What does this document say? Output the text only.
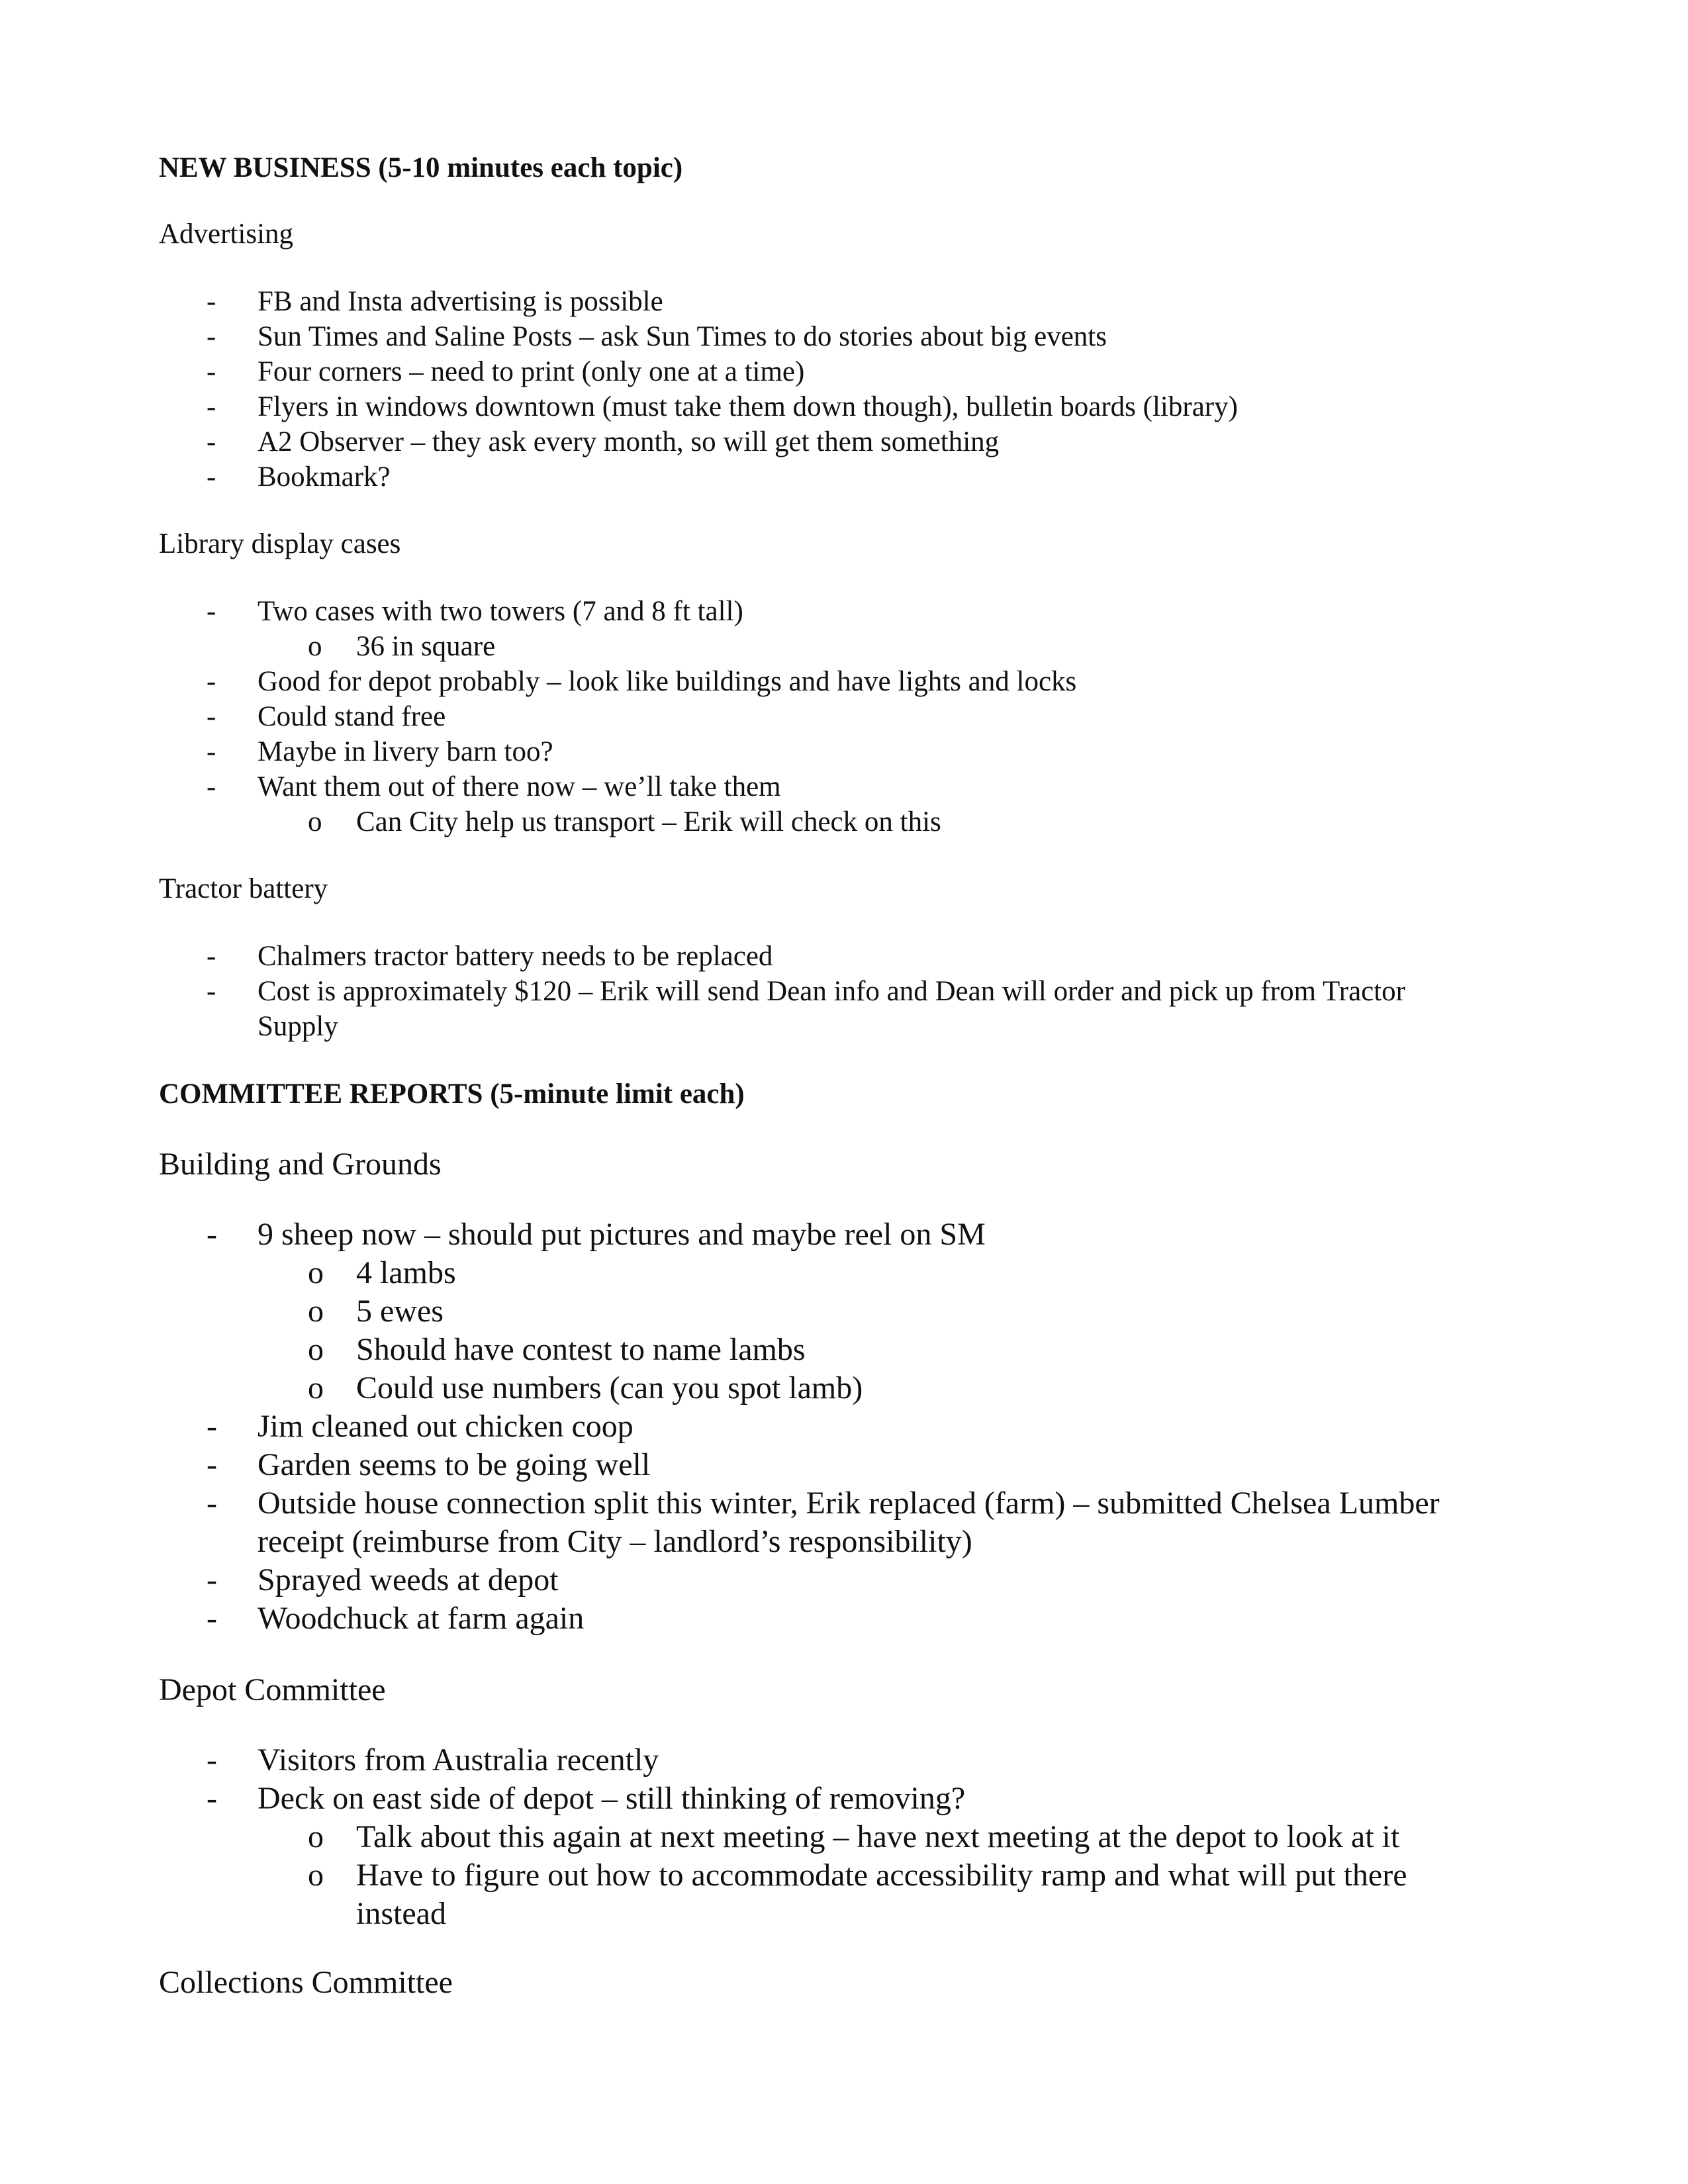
NEW BUSINESS (5-10 minutes each topic)
Advertising
- FB and Insta advertising is possible
- Sun Times and Saline Posts – ask Sun Times to do stories about big events
- Four corners – need to print (only one at a time)
- Flyers in windows downtown (must take them down though), bulletin boards (library)
- A2 Observer – they ask every month, so will get them something
- Bookmark?
Library display cases
- Two cases with two towers (7 and 8 ft tall)
o 36 in square
- Good for depot probably – look like buildings and have lights and locks
- Could stand free
- Maybe in livery barn too?
- Want them out of there now – we’ll take them
o Can City help us transport – Erik will check on this
Tractor battery
- Chalmers tractor battery needs to be replaced
- Cost is approximately $120 – Erik will send Dean info and Dean will order and pick up from Tractor
Supply
COMMITTEE REPORTS (5-minute limit each)
Building and Grounds
- 9 sheep now – should put pictures and maybe reel on SM
o 4 lambs
o 5 ewes
o Should have contest to name lambs
o Could use numbers (can you spot lamb)
- Jim cleaned out chicken coop
- Garden seems to be going well
- Outside house connection split this winter, Erik replaced (farm) – submitted Chelsea Lumber
receipt (reimburse from City – landlord’s responsibility)
- Sprayed weeds at depot
- Woodchuck at farm again
Depot Committee
- Visitors from Australia recently
- Deck on east side of depot – still thinking of removing?
o Talk about this again at next meeting – have next meeting at the depot to look at it
o Have to figure out how to accommodate accessibility ramp and what will put there
instead
Collections Committee
